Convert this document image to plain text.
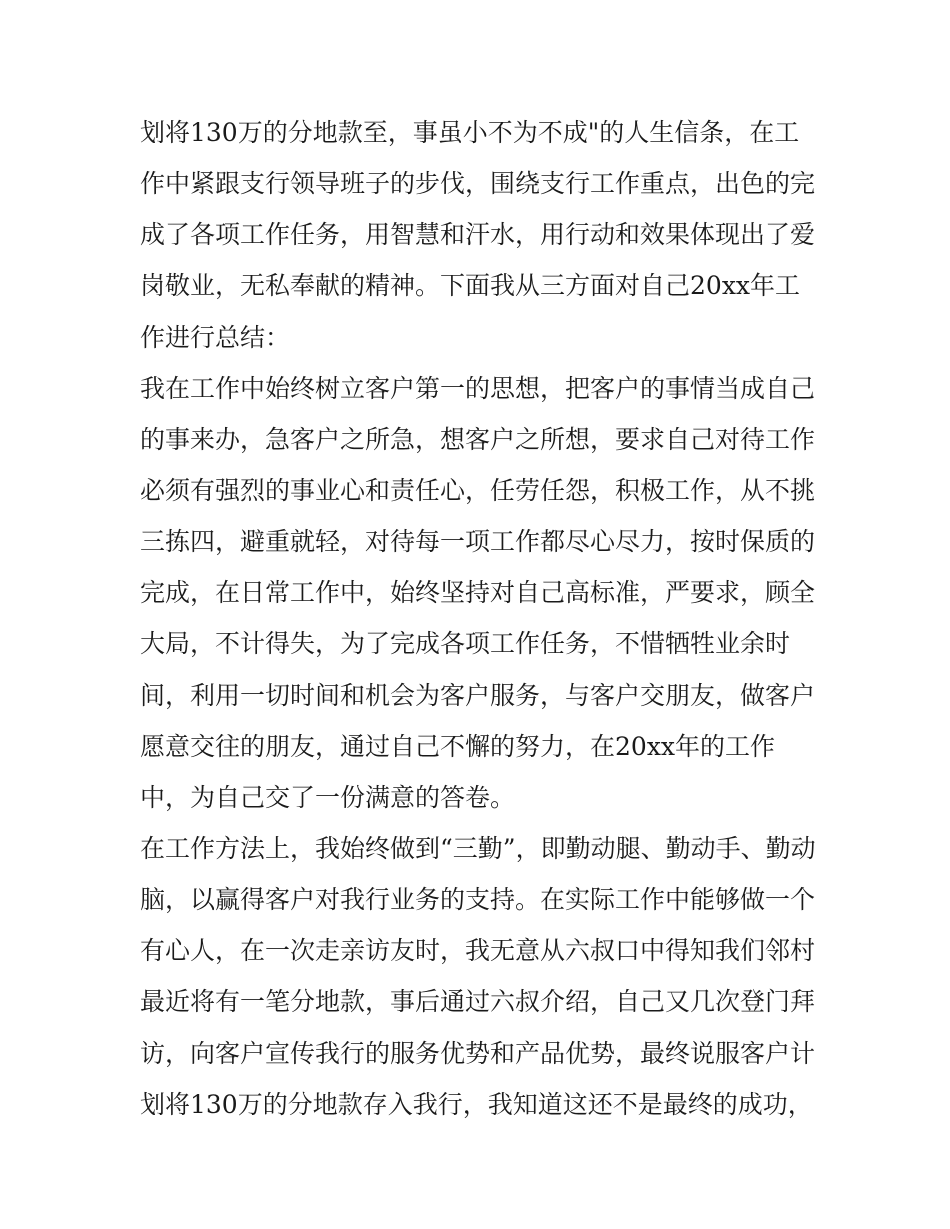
划将130万的分地款至，事虽小不为不成"的人生信条，在工
作中紧跟支行领导班子的步伐，围绕支行工作重点，出色的完
成了各项工作任务，用智慧和汗水，用行动和效果体现出了爱
岗敬业，无私奉献的精神。下面我从三方面对自己20xx年工
作进行总结：
我在工作中始终树立客户第一的思想，把客户的事情当成自己
的事来办，急客户之所急，想客户之所想，要求自己对待工作
必须有强烈的事业心和责任心，任劳任怨，积极工作，从不挑
三拣四，避重就轻，对待每一项工作都尽心尽力，按时保质的
完成，在日常工作中，始终坚持对自己高标准，严要求，顾全
大局，不计得失，为了完成各项工作任务，不惜牺牲业余时
间，利用一切时间和机会为客户服务，与客户交朋友，做客户
愿意交往的朋友，通过自己不懈的努力，在20xx年的工作
中，为自己交了一份满意的答卷。
在工作方法上，我始终做到“三勤”，即勤动腿、勤动手、勤动
脑，以赢得客户对我行业务的支持。在实际工作中能够做一个
有心人，在一次走亲访友时，我无意从六叔口中得知我们邻村
最近将有一笔分地款，事后通过六叔介绍，自己又几次登门拜
访，向客户宣传我行的服务优势和产品优势，最终说服客户计
划将130万的分地款存入我行，我知道这还不是最终的成功，
